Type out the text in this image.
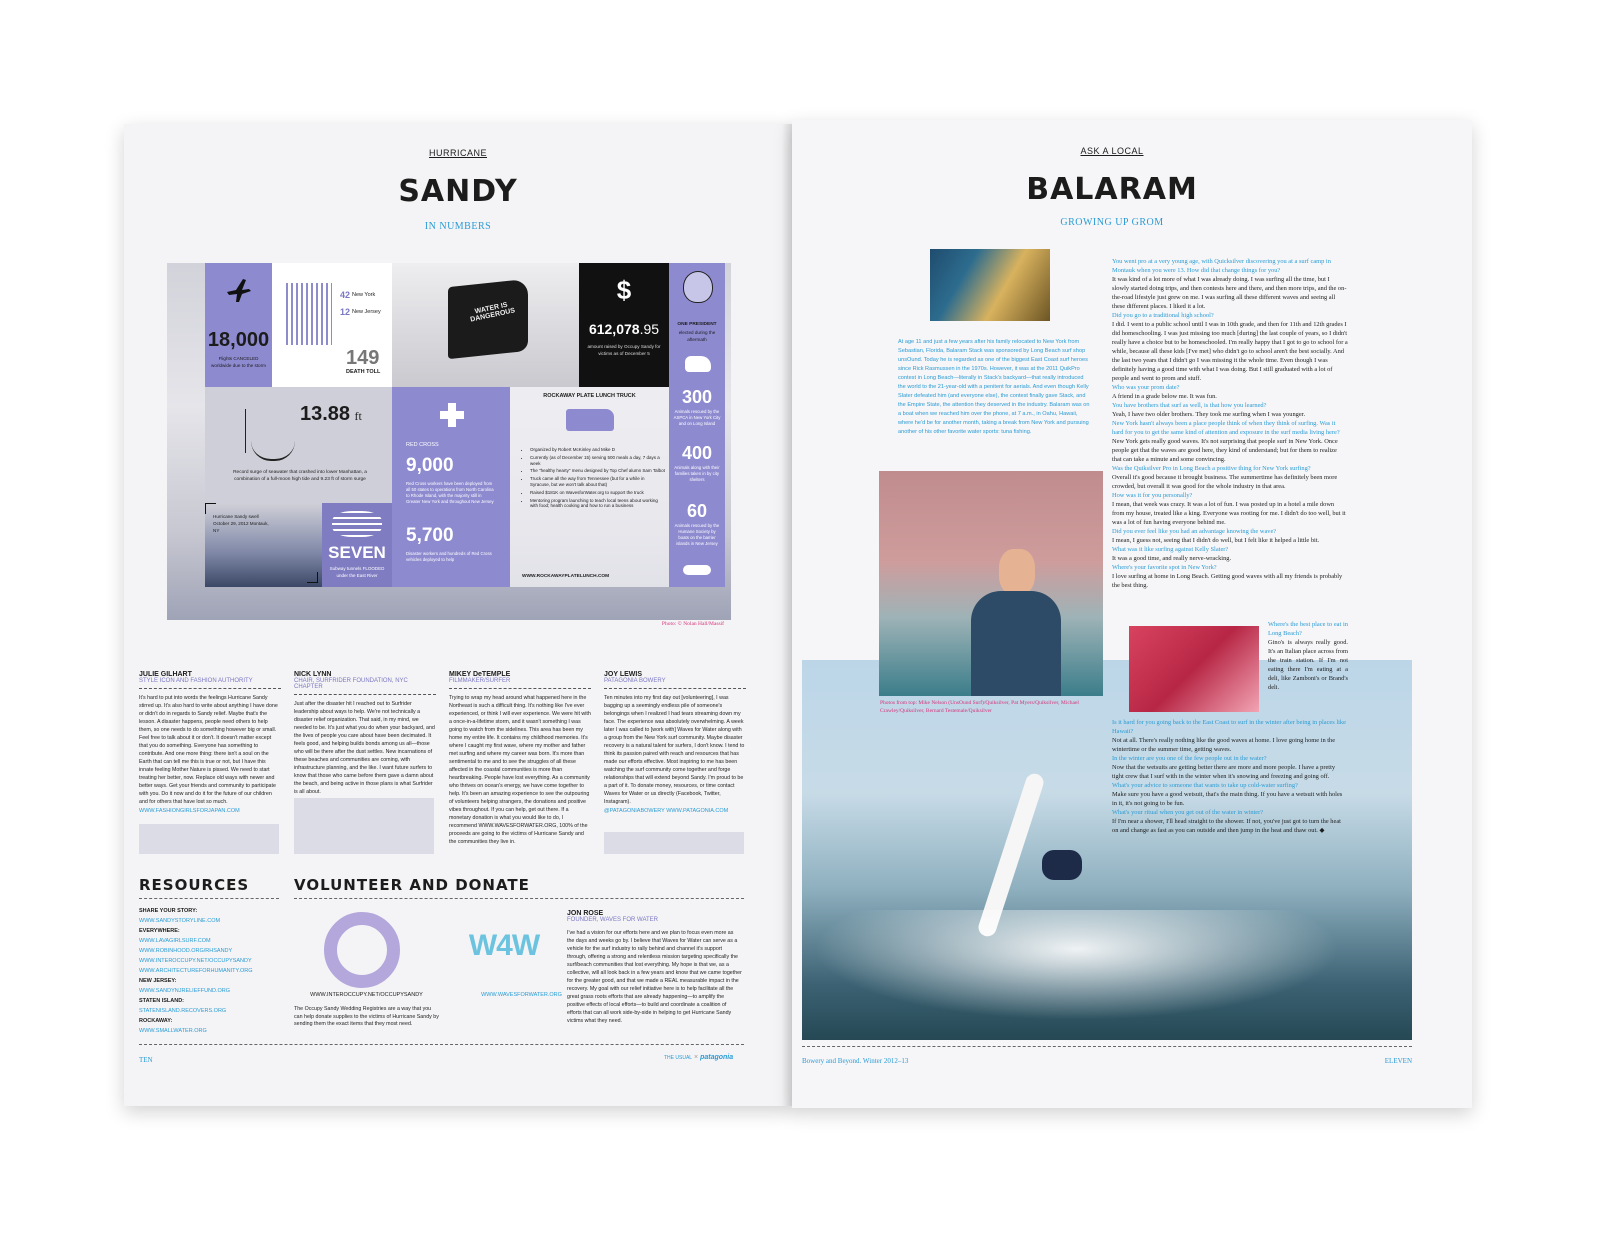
HURRICANE
SANDY
IN NUMBERS
18,000
Flights CANCELED worldwide due to the storm
42 New York
12 New Jersey
149
DEATH TOLL
WATER IS DANGEROUS
$
612,078.95
amount raised by Occupy Sandy for victims as of December 5
ONE PRESIDENT
elected during the aftermath
300
Animals rescued by the ASPCA in New York City and on Long Island
400
Animals along with their families taken in by city shelters
60
Animals rescued by the Humane Society by boats on the barrier islands in New Jersey
13.88 ft
Record surge of seawater that crashed into lower Manhattan, a combination of a full-moon high tide and 9.23 ft of storm surge
Hurricane Sandy swell October 29, 2012 Montauk, NY
SEVEN
Subway tunnels FLOODED under the East River
RED CROSS
9,000
Red Cross workers have been deployed from all 50 states to operations from North Carolina to Rhode Island, with the majority still in Greater New York and throughout New Jersey
5,700
Disaster workers and hundreds of Red Cross vehicles deployed to help
ROCKAWAY PLATE LUNCH TRUCK
• Organized by Robert McKinley and Mike D
• Currently (as of December 15) serving 500 meals a day, 7 days a week
• The "healthy hearty" menu designed by Top Chef alumn Sam Talbot
• Truck came all the way from Tennessee (but for a while in Syracuse, but we won't talk about that)
• Raised $181K on WavesforWater.org to support the truck
• Mentoring program launching to teach local teens about working with food; health cooking and how to run a business
WWW.ROCKAWAYPLATELUNCH.COM
Photo: © Nolan Hall/Massif
JULIE GILHART
STYLE ICON AND FASHION AUTHORITY
It's hard to put into words the feelings Hurricane Sandy stirred up. It's also hard to write about anything I have done or didn't do in regards to Sandy relief. Maybe that's the lesson. A disaster happens, people need others to help them, so one needs to do something however big or small. Feel free to talk about it or don't. It doesn't matter except that you do something. Everyone has something to contribute. And one more thing: there isn't a soul on the Earth that can tell me this is true or not, but I have this innate feeling Mother Nature is pissed. We need to start treating her better, now. Replace old ways with newer and better ways. Get your friends and community to participate with you. Do it now and do it for the future of our children and for others that have lost so much.
WWW.FASHIONGIRLSFORJAPAN.COM
NICK LYNN
CHAIR, SURFRIDER FOUNDATION, NYC CHAPTER
Just after the disaster hit I reached out to Surfrider leadership about ways to help. We're not technically a disaster relief organization. That said, in my mind, we needed to be. It's just what you do when your backyard, and the lives of people you care about have been decimated. It feels good, and helping builds bonds among us all—those who will be there after the dust settles. New incarnations of these beaches and communities are coming, with infrastructure planning, and the like. I want future surfers to know that those who came before them gave a damn about the beach, and being active in those plans is what Surfrider is all about.
MIKEY DeTEMPLE
FILMMAKER/SURFER
Trying to wrap my head around what happened here in the Northeast is such a difficult thing. It's nothing like I've ever experienced, or think I will ever experience. We were hit with a once-in-a-lifetime storm, and it wasn't something I was going to watch from the sidelines. This area has been my home my entire life. It contains my childhood memories. It's where I caught my first wave, where my mother and father met surfing and where my career was born. It's more than sentimental to me and to see the struggles of all these affected in the coastal communities is more than heartbreaking. People have lost everything. As a community who thrives on ocean's energy, we have come together to help. It's been an amazing experience to see the outpouring of volunteers helping strangers, the donations and positive vibes throughout. If you can help, get out there. If a monetary donation is what you would like to do, I recommend WWW.WAVESFORWATER.ORG, 100% of the proceeds are going to the victims of Hurricane Sandy and the communities they live in.
JOY LEWIS
PATAGONIA BOWERY
Ten minutes into my first day out [volunteering], I was bagging up a seemingly endless pile of someone's belongings when I realized I had tears streaming down my face. The experience was absolutely overwhelming. A week later I was called to [work with] Waves for Water along with a group from the New York surf community. Maybe disaster recovery is a natural talent for surfers, I don't know. I tend to think its passion paired with reach and resources that has made our efforts effective. Most inspiring to me has been watching the surf community come together and forge relationships that will extend beyond Sandy. I'm proud to be a part of it. To donate money, resources, or time contact Waves for Water or us directly (Facebook, Twitter, Instagram).
@PATAGONIABOWERY WWW.PATAGONIA.COM
RESOURCES
SHARE YOUR STORY:
WWW.SANDYSTORYLINE.COM
EVERYWHERE:
WWW.LAVAGIRLSURF.COM
WWW.ROBINHOOD.ORG/RHSANDY
WWW.INTEROCCUPY.NET/OCCUPYSANDY
WWW.ARCHITECTUREFORHUMANITY.ORG
NEW JERSEY:
WWW.SANDYNJRELIEFFUND.ORG
STATEN ISLAND:
STATENISLAND.RECOVERS.ORG
ROCKAWAY:
WWW.SMALLWATER.ORG
VOLUNTEER AND DONATE
WWW.INTEROCCUPY.NET/OCCUPYSANDY
The Occupy Sandy Wedding Registries are a way that you can help donate supplies to the victims of Hurricane Sandy by sending them the exact items that they most need.
W4W
WWW.WAVESFORWATER.ORG
JON ROSE
FOUNDER, WAVES FOR WATER
I've had a vision for our efforts here and we plan to focus even more as the days and weeks go by. I believe that Waves for Water can serve as a vehicle for the surf industry to rally behind and channel it's support through, offering a strong and relentless mission targeting specifically the surf/beach communities that lost everything. My hope is that we, as a collective, will all look back in a few years and know that we came together for the greater good, and that we made a REAL measurable impact in the recovery. My goal with our relief initiative here is to help facilitate all the great grass roots efforts that are already happening—to amplify the positive effects of local efforts—to build and coordinate a coalition of efforts that can all work side-by-side in helping to get Hurricane Sandy victims what they need.
TEN	THE USUAL × patagonia
ASK A LOCAL
BALARAM
GROWING UP GROM
At age 11 and just a few years after his family relocated to New York from Sebastian, Florida, Balaram Stack was sponsored by Long Beach surf shop unsOund. Today he is regarded as one of the biggest East Coast surf heroes since Rick Rasmussen in the 1970s. However, it was at the 2011 QuikPro contest in Long Beach—literally in Stack's backyard—that really introduced the world to the 21-year-old with a penitent for aerials. And even though Kelly Slater defeated him (and everyone else), the contest finally gave Stack, and the Empire State, the attention they deserved in the industry. Balaram was on a boat when we reached him over the phone, at 7 a.m., in Oahu, Hawaii, where he'd be for another month, taking a break from New York and pursuing another of his other favorite water sports: tuna fishing.
Photos from top: Mike Nelson (UnsOund Surf)/Quiksilver, Pat Myers/Quiksilver, Michael Crawley/Quiksilver, Bernard Testemale/Quiksilver
You went pro at a very young age, with Quicksilver discovering you at a surf camp in Montauk when you were 13. How did that change things for you?
It was kind of a lot more of what I was already doing. I was surfing all the time, but I slowly started doing trips, and then contests here and there, and then more trips, and the on-the-road lifestyle just grew on me. I was surfing all these different waves and seeing all these different places. I liked it a lot.
Did you go to a traditional high school?
I did. I went to a public school until I was in 10th grade, and then for 11th and 12th grades I did homeschooling. I was just missing too much [during] the last couple of years, so I didn't really have a choice but to be homeschooled. I'm really happy that I got to go to school for a while, because all these kids [I've met] who didn't go to school aren't the best socially. And the last two years that I didn't go I was missing it the whole time. Even though I was definitely having a good time with what I was doing. But I still graduated with a lot of people and went to prom and stuff.
Who was your prom date?
A friend in a grade below me. It was fun.
You have brothers that surf as well, is that how you learned?
Yeah, I have two older brothers. They took me surfing when I was younger.
New York hasn't always been a place people think of when they think of surfing. Was it hard for you to get the same kind of attention and exposure in the surf media living here?
New York gets really good waves. It's not surprising that people surf in New York. Once people get that the waves are good here, they kind of understand; but for them to realize that can take a minute and some convincing.
Was the Quiksilver Pro in Long Beach a positive thing for New York surfing?
Overall it's good because it brought business. The summertime has definitely been more crowded, but overall it was good for the whole industry in that area.
How was it for you personally?
I mean, that week was crazy. It was a lot of fun. I was posted up in a hotel a mile down from my house, treated like a king. Everyone was rooting for me. I didn't do too well, but it was a lot of fun having everyone behind me.
Did you ever feel like you had an advantage knowing the wave?
I mean, I guess not, seeing that I didn't do well, but I felt like it helped a little bit.
What was it like surfing against Kelly Slater?
It was a good time, and really nerve-wracking.
Where's your favorite spot in New York?
I love surfing at home in Long Beach. Getting good waves with all my friends is probably the best thing.
Where's the best place to eat in Long Beach?
Gino's is always really good. It's an Italian place across from the train station. If I'm not eating there I'm eating at a deli, like Zamboni's or Brand's deli.
Is it hard for you going back to the East Coast to surf in the winter after being in places like Hawaii?
Not at all. There's really nothing like the good waves at home. I love going home in the wintertime or the summer time, getting waves.
In the winter are you one of the few people out in the water?
Now that the wetsuits are getting better there are more and more people. I have a pretty tight crew that I surf with in the winter when it's snowing and freezing and going off.
What's your advice to someone that wants to take up cold-water surfing?
Make sure you have a good wetsuit, that's the main thing. If you have a wetsuit with holes in it, it's not going to be fun.
What's your ritual when you get out of the water in winter?
If I'm near a shower, I'll head straight to the shower. If not, you've just got to turn the heat on and change as fast as you can outside and then jump in the heat and thaw out. ◆
Bowery and Beyond. Winter 2012–13	ELEVEN
